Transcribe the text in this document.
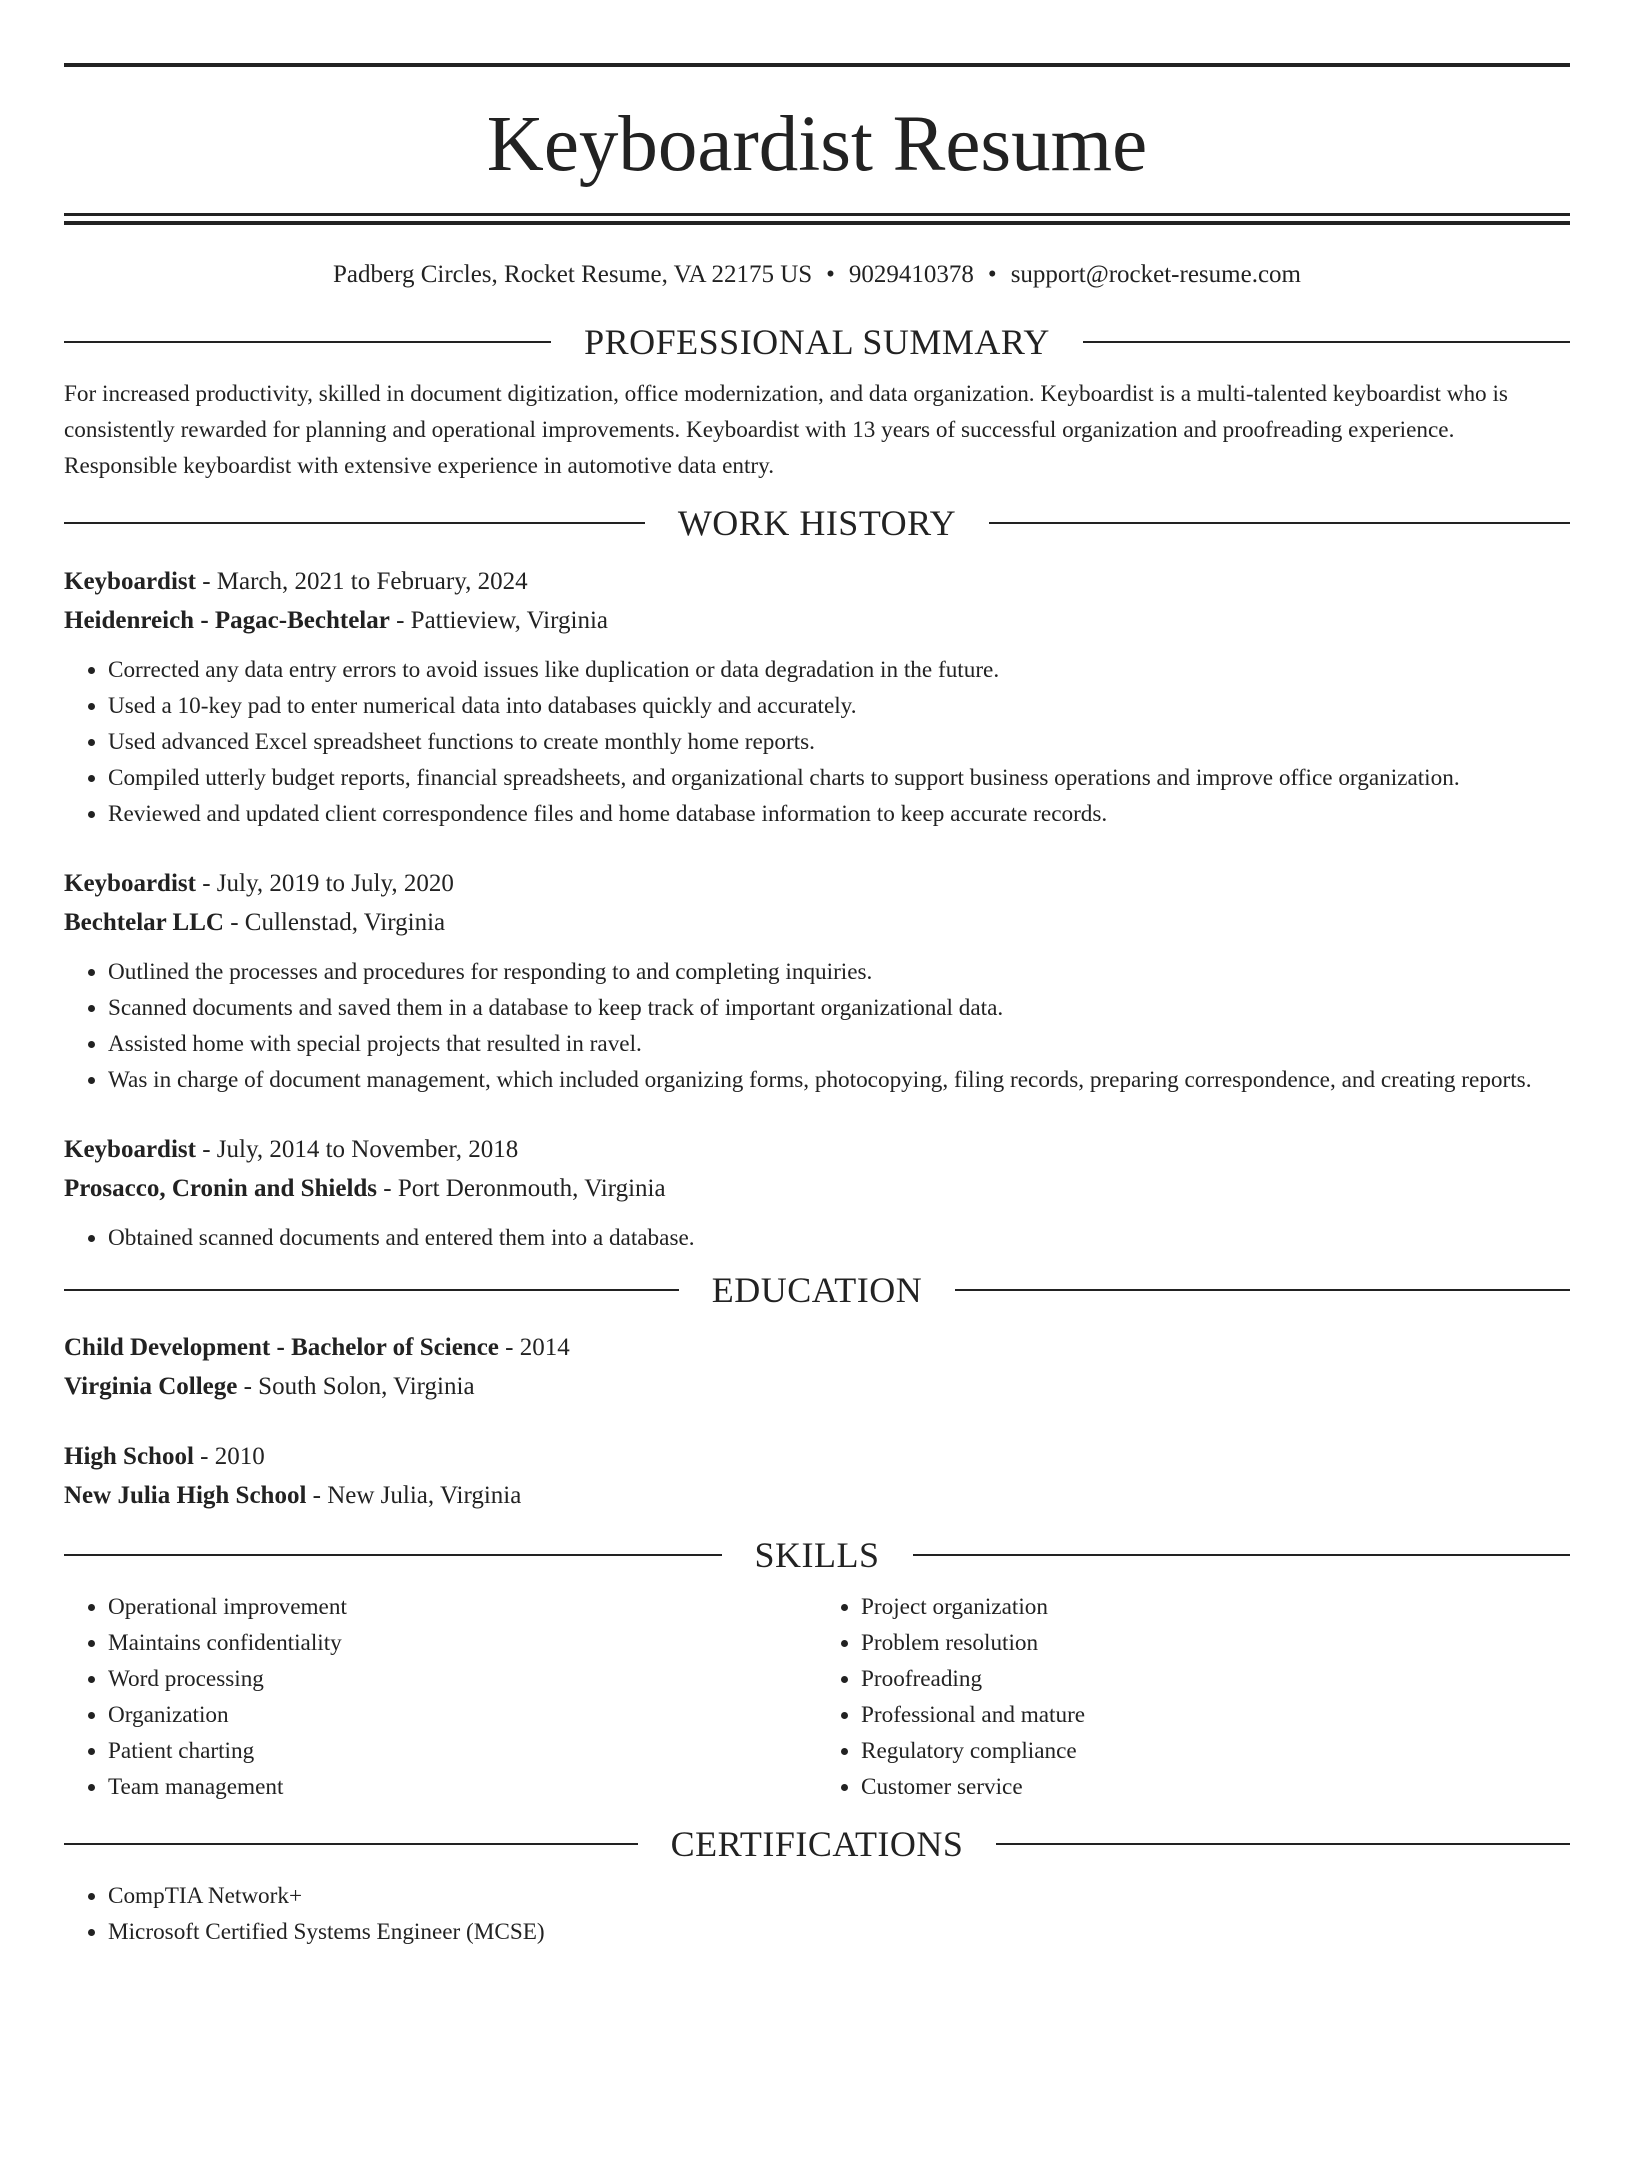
Keyboardist Resume
Padberg Circles, Rocket Resume, VA 22175 US • 9029410378 • support@rocket-resume.com
PROFESSIONAL SUMMARY

For increased productivity, skilled in document digitization, office modernization, and data organization. Keyboardist is a multi-talented keyboardist who is consistently rewarded for planning and operational improvements. Keyboardist with 13 years of successful organization and proofreading experience. Responsible keyboardist with extensive experience in automotive data entry.

WORK HISTORY

Keyboardist - March, 2021 to February, 2024

Heidenreich - Pagac-Bechtelar - Pattieview, Virginia

• Corrected any data entry errors to avoid issues like duplication or data degradation in the future.
• Used a 10-key pad to enter numerical data into databases quickly and accurately.
• Used advanced Excel spreadsheet functions to create monthly home reports.
• Compiled utterly budget reports, financial spreadsheets, and organizational charts to support business operations and improve office organization.
• Reviewed and updated client correspondence files and home database information to keep accurate records.

Keyboardist - July, 2019 to July, 2020

Bechtelar LLC - Cullenstad, Virginia

• Outlined the processes and procedures for responding to and completing inquiries.
• Scanned documents and saved them in a database to keep track of important organizational data.
• Assisted home with special projects that resulted in ravel.
• Was in charge of document management, which included organizing forms, photocopying, filing records, preparing correspondence, and creating reports.

Keyboardist - July, 2014 to November, 2018

Prosacco, Cronin and Shields - Port Deronmouth, Virginia

• Obtained scanned documents and entered them into a database.
EDUCATION

Child Development - Bachelor of Science - 2014

Virginia College - South Solon, Virginia

High School - 2010

New Julia High School - New Julia, Virginia

SKILLS
• Operational improvement
• Maintains confidentiality
• Word processing
• Organization
• Patient charting
• Team management
• Project organization
• Problem resolution
• Proofreading
• Professional and mature
• Regulatory compliance
• Customer service
CERTIFICATIONS
• CompTIA Network+
• Microsoft Certified Systems Engineer (MCSE)
